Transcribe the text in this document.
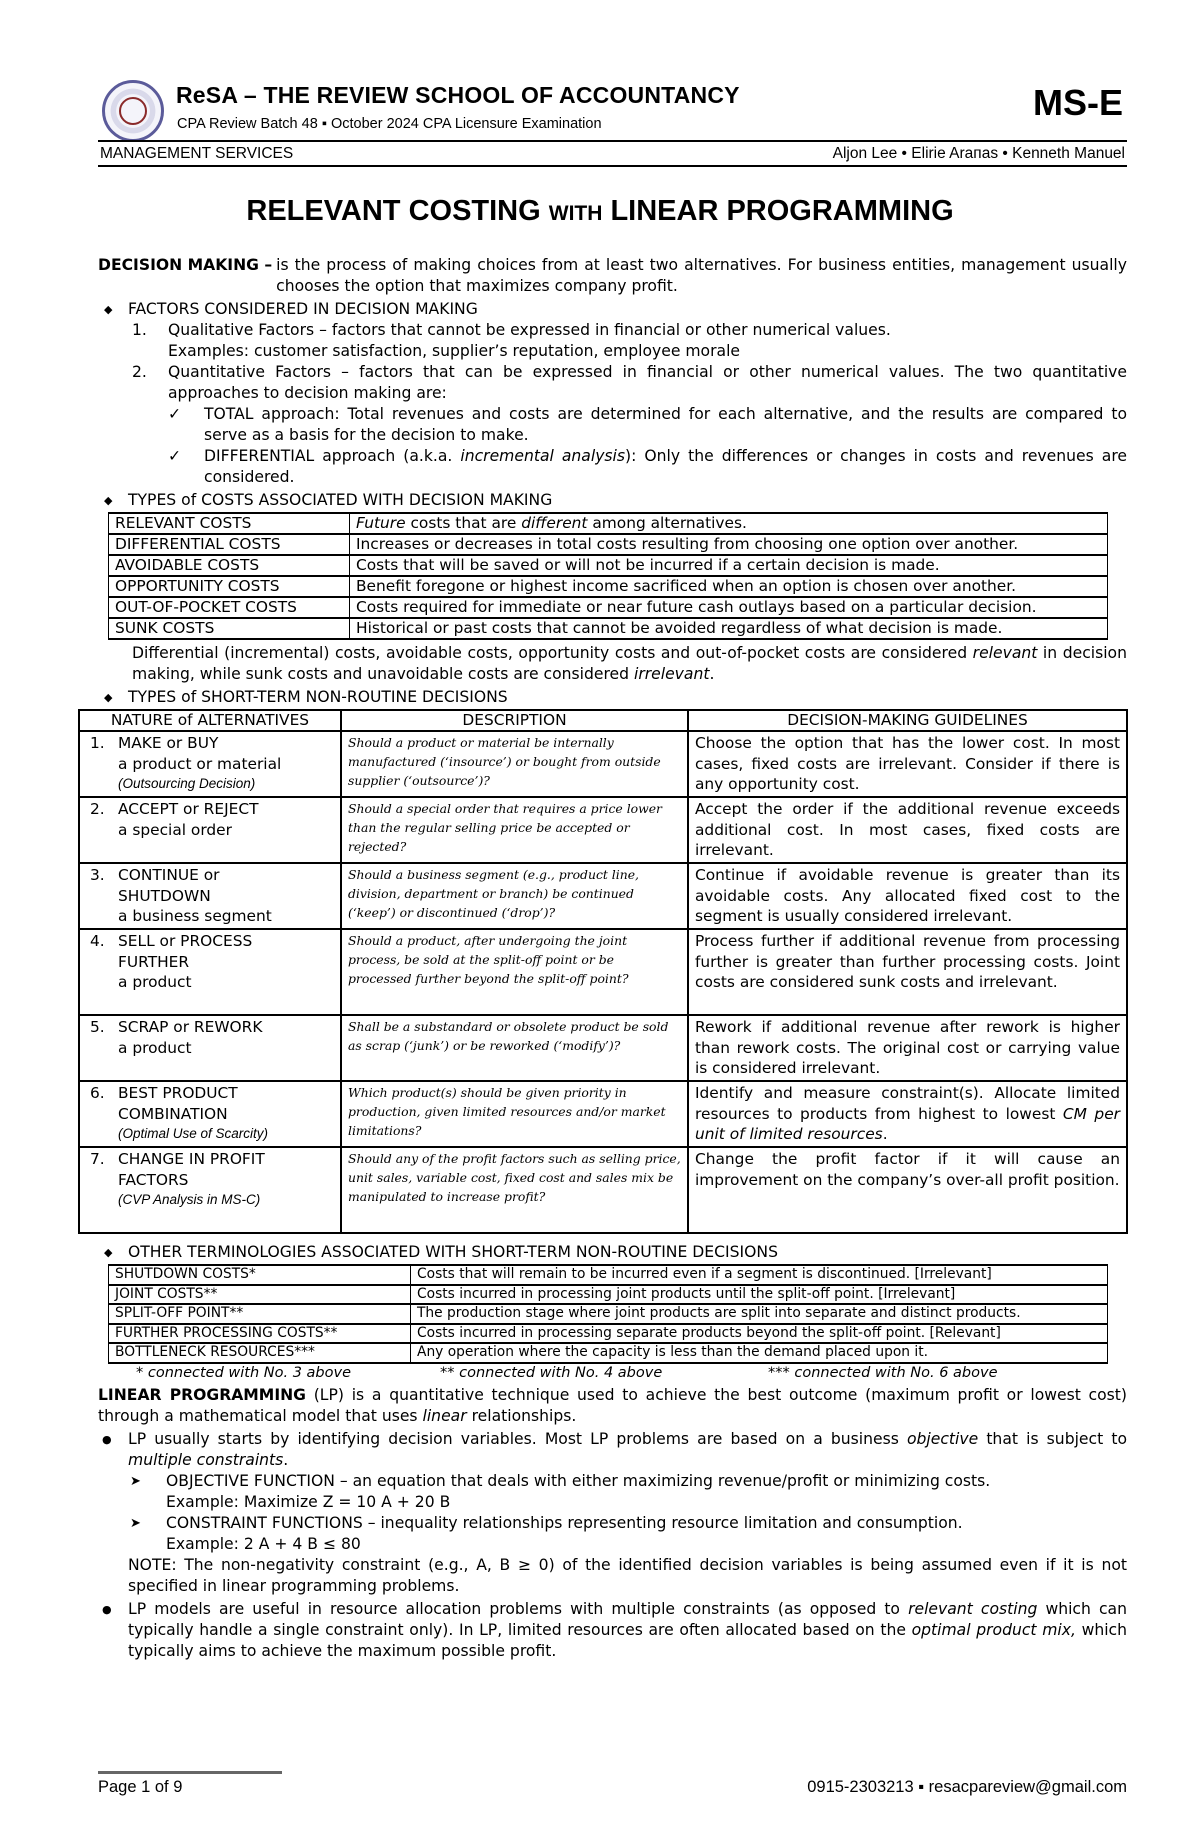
ReSA – THE REVIEW SCHOOL OF ACCOUNTANCY
CPA Review Batch 48 ▪ October 2024 CPA Licensure Examination
MS-E
MANAGEMENT SERVICES	Aljon Lee • Elirie Araпas • Kenneth Manuel
RELEVANT COSTING WITH LINEAR PROGRAMMING
DECISION MAKING – is the process of making choices from at least two alternatives. For business entities, management usually chooses the option that maximizes company profit.
◆ FACTORS CONSIDERED IN DECISION MAKING
1.	Qualitative Factors – factors that cannot be expressed in financial or other numerical values.
Examples: customer satisfaction, supplier’s reputation, employee morale
2.	Quantitative Factors – factors that can be expressed in financial or other numerical values. The two quantitative approaches to decision making are:
✓	TOTAL approach: Total revenues and costs are determined for each alternative, and the results are compared to serve as a basis for the decision to make.
✓	DIFFERENTIAL approach (a.k.a. incremental analysis): Only the differences or changes in costs and revenues are considered.
◆ TYPES of COSTS ASSOCIATED WITH DECISION MAKING
RELEVANT COSTS	Future costs that are different among alternatives.
DIFFERENTIAL COSTS	Increases or decreases in total costs resulting from choosing one option over another.
AVOIDABLE COSTS	Costs that will be saved or will not be incurred if a certain decision is made.
OPPORTUNITY COSTS	Benefit foregone or highest income sacrificed when an option is chosen over another.
OUT-OF-POCKET COSTS	Costs required for immediate or near future cash outlays based on a particular decision.
SUNK COSTS	Historical or past costs that cannot be avoided regardless of what decision is made.

Differential (incremental) costs, avoidable costs, opportunity costs and out-of-pocket costs are considered relevant in decision making, while sunk costs and unavoidable costs are considered irrelevant.

◆ TYPES of SHORT-TERM NON-ROUTINE DECISIONS
NATURE of ALTERNATIVES	DESCRIPTION	DECISION-MAKING GUIDELINES

1. MAKE or BUY
a product or material
(Outsourcing Decision)	Should a product or material be internally manufactured (‘insource’) or bought from outside supplier (‘outsource’)?	Choose the option that has the lower cost. In most cases, fixed costs are irrelevant. Consider if there is any opportunity cost.

2. ACCEPT or REJECT
a special order	Should a special order that requires a price lower than the regular selling price be accepted or rejected?	Accept the order if the additional revenue exceeds additional cost. In most cases, fixed costs are irrelevant.

3. CONTINUE or SHUTDOWN
a business segment	Should a business segment (e.g., product line, division, department or branch) be continued (‘keep’) or discontinued (‘drop’)?	Continue if avoidable revenue is greater than its avoidable costs. Any allocated fixed cost to the segment is usually considered irrelevant.

4. SELL or PROCESS FURTHER
a product	Should a product, after undergoing the joint process, be sold at the split-off point or be processed further beyond the split-off point?	Process further if additional revenue from processing further is greater than further processing costs. Joint costs are considered sunk costs and irrelevant.

5. SCRAP or REWORK
a product	Shall be a substandard or obsolete product be sold as scrap (‘junk’) or be reworked (‘modify’)?	Rework if additional revenue after rework is higher than rework costs. The original cost or carrying value is considered irrelevant.

6. BEST PRODUCT COMBINATION
(Optimal Use of Scarcity)	Which product(s) should be given priority in production, given limited resources and/or market limitations?	Identify and measure constraint(s). Allocate limited resources to products from highest to lowest CM per unit of limited resources.

7. CHANGE IN PROFIT FACTORS
(CVP Analysis in MS-C)	Should any of the profit factors such as selling price, unit sales, variable cost, fixed cost and sales mix be manipulated to increase profit?	Change the profit factor if it will cause an improvement on the company’s over-all profit position.
◆ OTHER TERMINOLOGIES ASSOCIATED WITH SHORT-TERM NON-ROUTINE DECISIONS
SHUTDOWN COSTS*	Costs that will remain to be incurred even if a segment is discontinued. [Irrelevant]
JOINT COSTS**	Costs incurred in processing joint products until the split-off point. [Irrelevant]
SPLIT-OFF POINT**	The production stage where joint products are split into separate and distinct products.
FURTHER PROCESSING COSTS**	Costs incurred in processing separate products beyond the split-off point. [Relevant]
BOTTLENECK RESOURCES***	Any operation where the capacity is less than the demand placed upon it.
* connected with No. 3 above	** connected with No. 4 above	*** connected with No. 6 above

LINEAR PROGRAMMING (LP) is a quantitative technique used to achieve the best outcome (maximum profit or lowest cost) through a mathematical model that uses linear relationships.

●	LP usually starts by identifying decision variables. Most LP problems are based on a business objective that is subject to multiple constraints.
➤	OBJECTIVE FUNCTION – an equation that deals with either maximizing revenue/profit or minimizing costs.
Example: Maximize Z = 10 A + 20 B
➤	CONSTRAINT FUNCTIONS – inequality relationships representing resource limitation and consumption.
Example: 2 A + 4 B ≤ 80

NOTE: The non-negativity constraint (e.g., A, B ≥ 0) of the identified decision variables is being assumed even if it is not specified in linear programming problems.

●	LP models are useful in resource allocation problems with multiple constraints (as opposed to relevant costing which can typically handle a single constraint only). In LP, limited resources are often allocated based on the optimal product mix, which typically aims to achieve the maximum possible profit.
Page 1 of 9	0915-2303213 ▪ resacpareview@gmail.com
